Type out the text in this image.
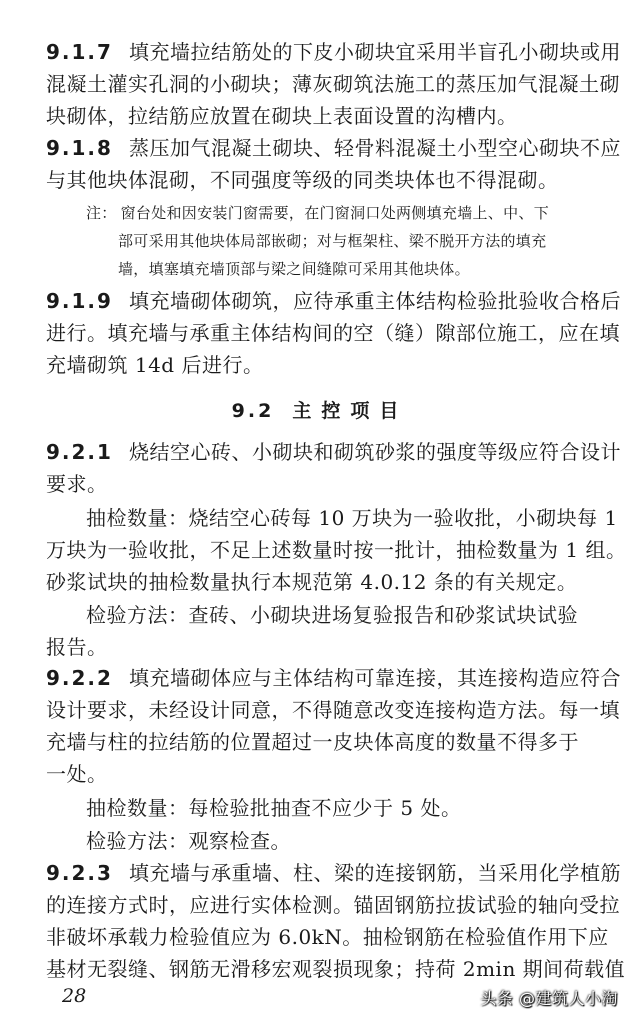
9.1.7 填充墙拉结筋处的下皮小砌块宜采用半盲孔小砌块或用
混凝土灌实孔洞的小砌块；薄灰砌筑法施工的蒸压加气混凝土砌
块砌体，拉结筋应放置在砌块上表面设置的沟槽内。
9.1.8 蒸压加气混凝土砌块、轻骨料混凝土小型空心砌块不应
与其他块体混砌，不同强度等级的同类块体也不得混砌。
注： 窗台处和因安装门窗需要，在门窗洞口处两侧填充墙上、中、下
部可采用其他块体局部嵌砌；对与框架柱、梁不脱开方法的填充
墙，填塞填充墙顶部与梁之间缝隙可采用其他块体。
9.1.9 填充墙砌体砌筑，应待承重主体结构检验批验收合格后
进行。填充墙与承重主体结构间的空（缝）隙部位施工，应在填
充墙砌筑 14d 后进行。
9.2 主控项目
9.2.1 烧结空心砖、小砌块和砌筑砂浆的强度等级应符合设计
要求。
抽检数量：烧结空心砖每 10 万块为一验收批，小砌块每 1
万块为一验收批，不足上述数量时按一批计，抽检数量为 1 组。
砂浆试块的抽检数量执行本规范第 4.0.12 条的有关规定。
检验方法：查砖、小砌块进场复验报告和砂浆试块试验
报告。
9.2.2 填充墙砌体应与主体结构可靠连接，其连接构造应符合
设计要求，未经设计同意，不得随意改变连接构造方法。每一填
充墙与柱的拉结筋的位置超过一皮块体高度的数量不得多于
一处。
抽检数量：每检验批抽查不应少于 5 处。
检验方法：观察检查。
9.2.3 填充墙与承重墙、柱、梁的连接钢筋，当采用化学植筋
的连接方式时，应进行实体检测。锚固钢筋拉拔试验的轴向受拉
非破坏承载力检验值应为 6.0kN。抽检钢筋在检验值作用下应
基材无裂缝、钢筋无滑移宏观裂损现象；持荷 2min 期间荷载值
28	头条 @建筑人小淘
